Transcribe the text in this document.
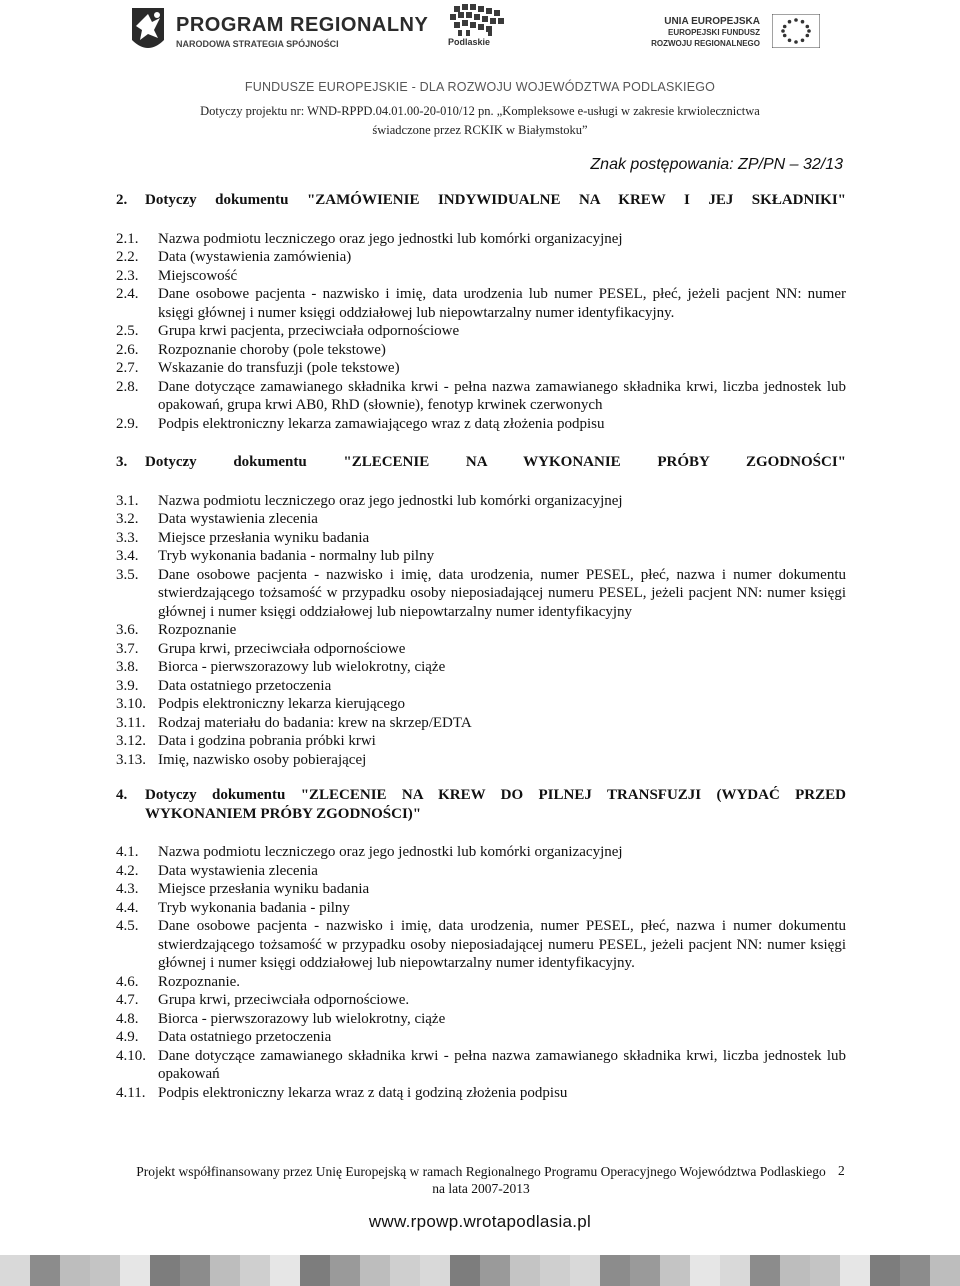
PROGRAM REGIONALNY
NARODOWA STRATEGIA SPÓJNOŚCI	Podlaskie
UNIA EUROPEJSKA
EUROPEJSKI FUNDUSZ
ROZWOJU REGIONALNEGO
FUNDUSZE EUROPEJSKIE - DLA ROZWOJU WOJEWÓDZTWA PODLASKIEGO
Dotyczy projektu nr: WND-RPPD.04.01.00-20-010/12 pn. „Kompleksowe e-usługi w zakresie krwiolecznictwa
świadczone przez RCKIK w Białymstoku”
Znak postępowania: ZP/PN – 32/13
2. Dotyczy dokumentu "ZAMÓWIENIE INDYWIDUALNE NA KREW I JEJ SKŁADNIKI"
2.1. Nazwa podmiotu leczniczego oraz jego jednostki lub komórki organizacyjnej
2.2. Data (wystawienia zamówienia)
2.3. Miejscowość
2.4. Dane osobowe pacjenta - nazwisko i imię, data urodzenia lub numer PESEL, płeć, jeżeli pacjent NN: numer księgi głównej i numer księgi oddziałowej lub niepowtarzalny numer identyfikacyjny.
2.5. Grupa krwi pacjenta, przeciwciała odpornościowe
2.6. Rozpoznanie choroby (pole tekstowe)
2.7. Wskazanie do transfuzji (pole tekstowe)
2.8. Dane dotyczące zamawianego składnika krwi - pełna nazwa zamawianego składnika krwi, liczba jednostek lub opakowań, grupa krwi AB0, RhD (słownie), fenotyp krwinek czerwonych
2.9. Podpis elektroniczny lekarza zamawiającego wraz z datą złożenia podpisu
3. Dotyczy dokumentu "ZLECENIE NA WYKONANIE PRÓBY ZGODNOŚCI"
3.1. Nazwa podmiotu leczniczego oraz jego jednostki lub komórki organizacyjnej
3.2. Data wystawienia zlecenia
3.3. Miejsce przesłania wyniku badania
3.4. Tryb wykonania badania - normalny lub pilny
3.5. Dane osobowe pacjenta - nazwisko i imię, data urodzenia, numer PESEL, płeć, nazwa i numer dokumentu stwierdzającego tożsamość w przypadku osoby nieposiadającej numeru PESEL, jeżeli pacjent NN: numer księgi głównej i numer księgi oddziałowej lub niepowtarzalny numer identyfikacyjny
3.6. Rozpoznanie
3.7. Grupa krwi, przeciwciała odpornościowe
3.8. Biorca - pierwszorazowy lub wielokrotny, ciąże
3.9. Data ostatniego przetoczenia
3.10. Podpis elektroniczny lekarza kierującego
3.11. Rodzaj materiału do badania: krew na skrzep/EDTA
3.12. Data i godzina pobrania próbki krwi
3.13. Imię, nazwisko osoby pobierającej
4. Dotyczy dokumentu "ZLECENIE NA KREW DO PILNEJ TRANSFUZJI (WYDAĆ PRZED WYKONANIEM PRÓBY ZGODNOŚCI)"
4.1. Nazwa podmiotu leczniczego oraz jego jednostki lub komórki organizacyjnej
4.2. Data wystawienia zlecenia
4.3. Miejsce przesłania wyniku badania
4.4. Tryb wykonania badania - pilny
4.5. Dane osobowe pacjenta - nazwisko i imię, data urodzenia, numer PESEL, płeć, nazwa i numer dokumentu stwierdzającego tożsamość w przypadku osoby nieposiadającej numeru PESEL, jeżeli pacjent NN: numer księgi głównej i numer księgi oddziałowej lub niepowtarzalny numer identyfikacyjny.
4.6. Rozpoznanie.
4.7. Grupa krwi, przeciwciała odpornościowe.
4.8. Biorca - pierwszorazowy lub wielokrotny, ciąże
4.9. Data ostatniego przetoczenia
4.10. Dane dotyczące zamawianego składnika krwi - pełna nazwa zamawianego składnika krwi, liczba jednostek lub opakowań
4.11. Podpis elektroniczny lekarza wraz z datą i godziną złożenia podpisu
Projekt współfinansowany przez Unię Europejską w ramach Regionalnego Programu Operacyjnego Województwa Podlaskiego
na lata 2007-2013
2
www.rpowp.wrotapodlasia.pl
